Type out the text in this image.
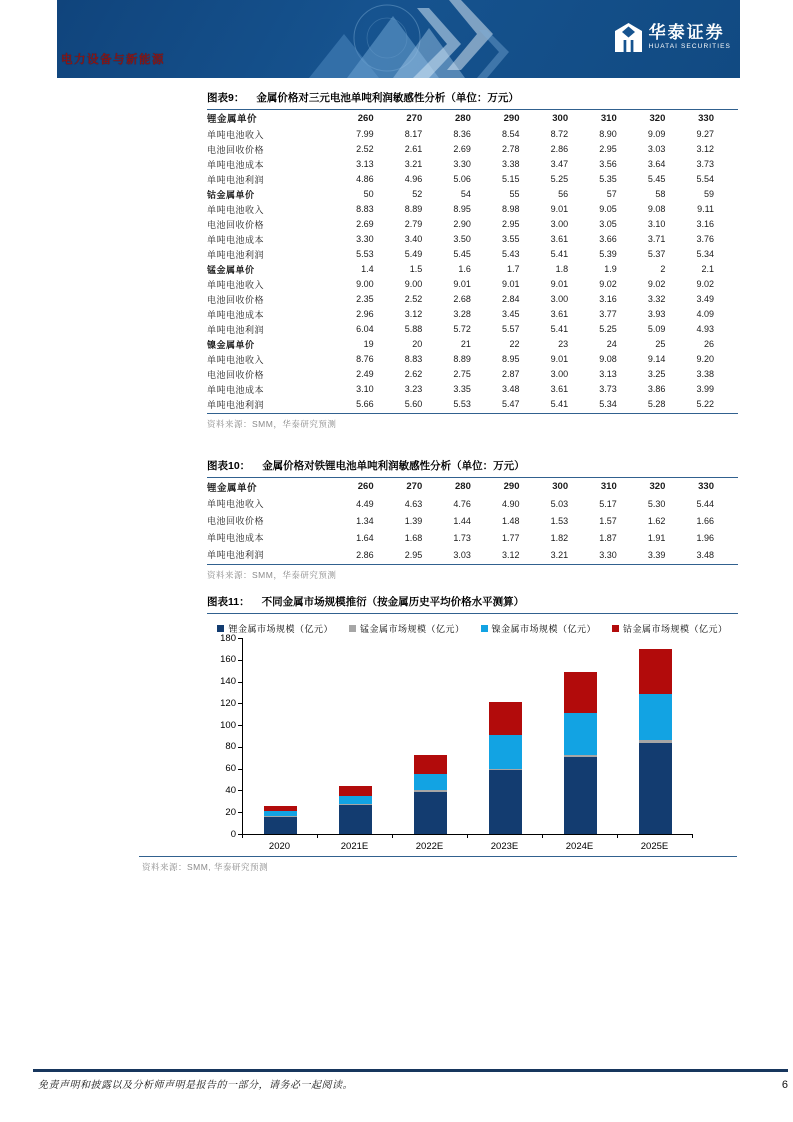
电力设备与新能源
华泰证券
HUATAI SECURITIES
图表9： 金属价格对三元电池单吨利润敏感性分析（单位：万元）
锂金属单价	260	270	280	290	300	310	320	330
单吨电池收入	7.99	8.17	8.36	8.54	8.72	8.90	9.09	9.27
电池回收价格	2.52	2.61	2.69	2.78	2.86	2.95	3.03	3.12
单吨电池成本	3.13	3.21	3.30	3.38	3.47	3.56	3.64	3.73
单吨电池利润	4.86	4.96	5.06	5.15	5.25	5.35	5.45	5.54
钴金属单价	50	52	54	55	56	57	58	59
单吨电池收入	8.83	8.89	8.95	8.98	9.01	9.05	9.08	9.11
电池回收价格	2.69	2.79	2.90	2.95	3.00	3.05	3.10	3.16
单吨电池成本	3.30	3.40	3.50	3.55	3.61	3.66	3.71	3.76
单吨电池利润	5.53	5.49	5.45	5.43	5.41	5.39	5.37	5.34
锰金属单价	1.4	1.5	1.6	1.7	1.8	1.9	2	2.1
单吨电池收入	9.00	9.00	9.01	9.01	9.01	9.02	9.02	9.02
电池回收价格	2.35	2.52	2.68	2.84	3.00	3.16	3.32	3.49
单吨电池成本	2.96	3.12	3.28	3.45	3.61	3.77	3.93	4.09
单吨电池利润	6.04	5.88	5.72	5.57	5.41	5.25	5.09	4.93
镍金属单价	19	20	21	22	23	24	25	26
单吨电池收入	8.76	8.83	8.89	8.95	9.01	9.08	9.14	9.20
电池回收价格	2.49	2.62	2.75	2.87	3.00	3.13	3.25	3.38
单吨电池成本	3.10	3.23	3.35	3.48	3.61	3.73	3.86	3.99
单吨电池利润	5.66	5.60	5.53	5.47	5.41	5.34	5.28	5.22
资料来源：SMM，华泰研究预测
图表10： 金属价格对铁锂电池单吨利润敏感性分析（单位：万元）
锂金属单价	260	270	280	290	300	310	320	330
单吨电池收入	4.49	4.63	4.76	4.90	5.03	5.17	5.30	5.44
电池回收价格	1.34	1.39	1.44	1.48	1.53	1.57	1.62	1.66
单吨电池成本	1.64	1.68	1.73	1.77	1.82	1.87	1.91	1.96
单吨电池利润	2.86	2.95	3.03	3.12	3.21	3.30	3.39	3.48
资料来源：SMM，华泰研究预测
图表11： 不同金属市场规模推衍（按金属历史平均价格水平测算）
锂金属市场规模（亿元）	锰金属市场规模（亿元）	镍金属市场规模（亿元）	钴金属市场规模（亿元）
0
20
40
60
80
100
120
140
160
180
2020	2021E	2022E	2023E	2024E	2025E
资料来源：SMM, 华泰研究预测
免责声明和披露以及分析师声明是报告的一部分，请务必一起阅读。	6
